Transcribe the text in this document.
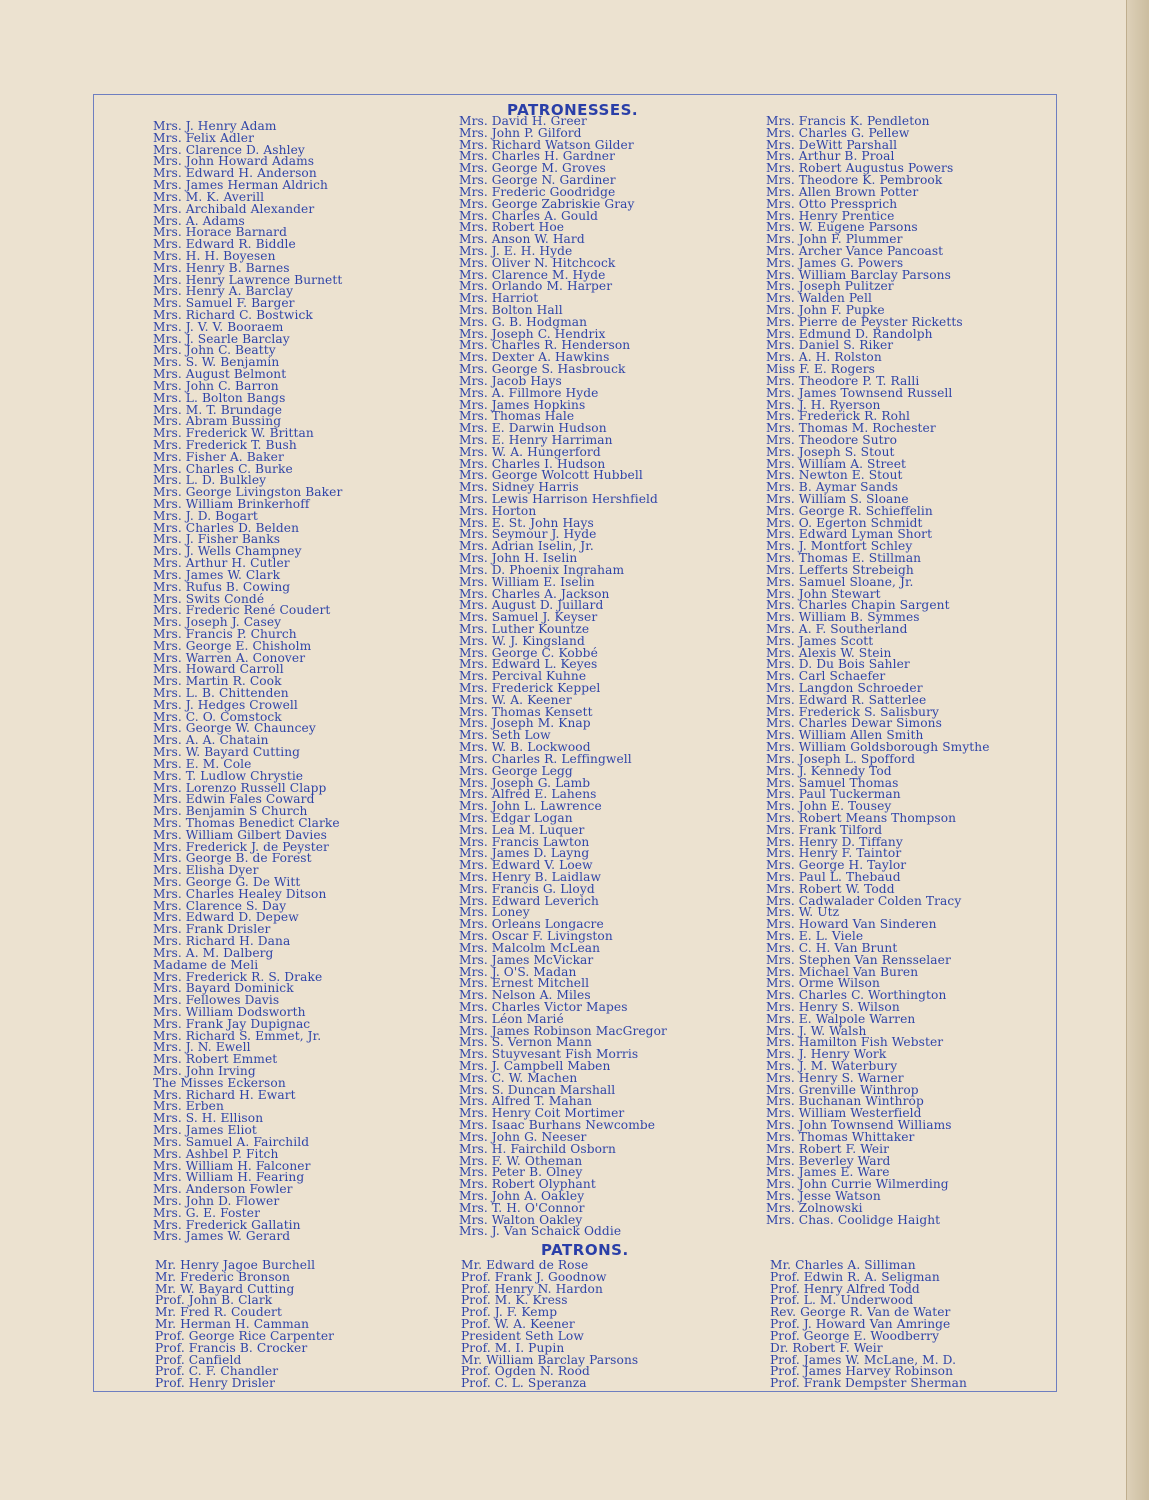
PATRONESSES.
Mrs. J. Henry Adam
Mrs. Felix Adler
Mrs. Clarence D. Ashley
Mrs. John Howard Adams
Mrs. Edward H. Anderson
Mrs. James Herman Aldrich
Mrs. M. K. Averill
Mrs. Archibald Alexander
Mrs. A. Adams
Mrs. Horace Barnard
Mrs. Edward R. Biddle
Mrs. H. H. Boyesen
Mrs. Henry B. Barnes
Mrs. Henry Lawrence Burnett
Mrs. Henry A. Barclay
Mrs. Samuel F. Barger
Mrs. Richard C. Bostwick
Mrs. J. V. V. Booraem
Mrs. J. Searle Barclay
Mrs. John C. Beatty
Mrs. S. W. Benjamin
Mrs. August Belmont
Mrs. John C. Barron
Mrs. L. Bolton Bangs
Mrs. M. T. Brundage
Mrs. Abram Bussing
Mrs. Frederick W. Brittan
Mrs. Frederick T. Bush
Mrs. Fisher A. Baker
Mrs. Charles C. Burke
Mrs. L. D. Bulkley
Mrs. George Livingston Baker
Mrs. William Brinkerhoff
Mrs. J. D. Bogart
Mrs. Charles D. Belden
Mrs. J. Fisher Banks
Mrs. J. Wells Champney
Mrs. Arthur H. Cutler
Mrs. James W. Clark
Mrs. Rufus B. Cowing
Mrs. Swits Condé
Mrs. Frederic René Coudert
Mrs. Joseph J. Casey
Mrs. Francis P. Church
Mrs. George E. Chisholm
Mrs. Warren A. Conover
Mrs. Howard Carroll
Mrs. Martin R. Cook
Mrs. L. B. Chittenden
Mrs. J. Hedges Crowell
Mrs. C. O. Comstock
Mrs. George W. Chauncey
Mrs. A. A. Chatain
Mrs. W. Bayard Cutting
Mrs. E. M. Cole
Mrs. T. Ludlow Chrystie
Mrs. Lorenzo Russell Clapp
Mrs. Edwin Fales Coward
Mrs. Benjamin S Church
Mrs. Thomas Benedict Clarke
Mrs. William Gilbert Davies
Mrs. Frederick J. de Peyster
Mrs. George B. de Forest
Mrs. Elisha Dyer
Mrs. George G. De Witt
Mrs. Charles Healey Ditson
Mrs. Clarence S. Day
Mrs. Edward D. Depew
Mrs. Frank Drisler
Mrs. Richard H. Dana
Mrs. A. M. Dalberg
Madame de Meli
Mrs. Frederick R. S. Drake
Mrs. Bayard Dominick
Mrs. Fellowes Davis
Mrs. William Dodsworth
Mrs. Frank Jay Dupignac
Mrs. Richard S. Emmet, Jr.
Mrs. J. N. Ewell
Mrs. Robert Emmet
Mrs. John Irving
The Misses Eckerson
Mrs. Richard H. Ewart
Mrs. Erben
Mrs. S. H. Ellison
Mrs. James Eliot
Mrs. Samuel A. Fairchild
Mrs. Ashbel P. Fitch
Mrs. William H. Falconer
Mrs. William H. Fearing
Mrs. Anderson Fowler
Mrs. John D. Flower
Mrs. G. E. Foster
Mrs. Frederick Gallatin
Mrs. James W. Gerard
Mrs. David H. Greer
Mrs. John P. Gilford
Mrs. Richard Watson Gilder
Mrs. Charles H. Gardner
Mrs. George M. Groves
Mrs. George N. Gardiner
Mrs. Frederic Goodridge
Mrs. George Zabriskie Gray
Mrs. Charles A. Gould
Mrs. Robert Hoe
Mrs. Anson W. Hard
Mrs. J. E. H. Hyde
Mrs. Oliver N. Hitchcock
Mrs. Clarence M. Hyde
Mrs. Orlando M. Harper
Mrs. Harriot
Mrs. Bolton Hall
Mrs. G. B. Hodgman
Mrs. Joseph C. Hendrix
Mrs. Charles R. Henderson
Mrs. Dexter A. Hawkins
Mrs. George S. Hasbrouck
Mrs. Jacob Hays
Mrs. A. Fillmore Hyde
Mrs. James Hopkins
Mrs. Thomas Hale
Mrs. E. Darwin Hudson
Mrs. E. Henry Harriman
Mrs. W. A. Hungerford
Mrs. Charles I. Hudson
Mrs. George Wolcott Hubbell
Mrs. Sidney Harris
Mrs. Lewis Harrison Hershfield
Mrs. Horton
Mrs. E. St. John Hays
Mrs. Seymour J. Hyde
Mrs. Adrian Iselin, Jr.
Mrs. John H. Iselin
Mrs. D. Phoenix Ingraham
Mrs. William E. Iselin
Mrs. Charles A. Jackson
Mrs. August D. Juillard
Mrs. Samuel J. Keyser
Mrs. Luther Kountze
Mrs. W. J. Kingsland
Mrs. George C. Kobbé
Mrs. Edward L. Keyes
Mrs. Percival Kuhne
Mrs. Frederick Keppel
Mrs. W. A. Keener
Mrs. Thomas Kensett
Mrs. Joseph M. Knap
Mrs. Seth Low
Mrs. W. B. Lockwood
Mrs. Charles R. Leffingwell
Mrs. George Legg
Mrs. Joseph G. Lamb
Mrs. Alfred E. Lahens
Mrs. John L. Lawrence
Mrs. Edgar Logan
Mrs. Lea M. Luquer
Mrs. Francis Lawton
Mrs. James D. Layng
Mrs. Edward V. Loew
Mrs. Henry B. Laidlaw
Mrs. Francis G. Lloyd
Mrs. Edward Leverich
Mrs. Loney
Mrs. Orleans Longacre
Mrs. Oscar F. Livingston
Mrs. Malcolm McLean
Mrs. James McVickar
Mrs. J. O'S. Madan
Mrs. Ernest Mitchell
Mrs. Nelson A. Miles
Mrs. Charles Victor Mapes
Mrs. Léon Marié
Mrs. James Robinson MacGregor
Mrs. S. Vernon Mann
Mrs. Stuyvesant Fish Morris
Mrs. J. Campbell Maben
Mrs. C. W. Machen
Mrs. S. Duncan Marshall
Mrs. Alfred T. Mahan
Mrs. Henry Coit Mortimer
Mrs. Isaac Burhans Newcombe
Mrs. John G. Neeser
Mrs. H. Fairchild Osborn
Mrs. F. W. Otheman
Mrs. Peter B. Olney
Mrs. Robert Olyphant
Mrs. John A. Oakley
Mrs. T. H. O'Connor
Mrs. Walton Oakley
Mrs. J. Van Schaick Oddie
Mrs. Francis K. Pendleton
Mrs. Charles G. Pellew
Mrs. DeWitt Parshall
Mrs. Arthur B. Proal
Mrs. Robert Augustus Powers
Mrs. Theodore K. Pembrook
Mrs. Allen Brown Potter
Mrs. Otto Pressprich
Mrs. Henry Prentice
Mrs. W. Eugene Parsons
Mrs. John F. Plummer
Mrs. Archer Vance Pancoast
Mrs. James G. Powers
Mrs. William Barclay Parsons
Mrs. Joseph Pulitzer
Mrs. Walden Pell
Mrs. John F. Pupke
Mrs. Pierre de Peyster Ricketts
Mrs. Edmund D. Randolph
Mrs. Daniel S. Riker
Mrs. A. H. Rolston
Miss F. E. Rogers
Mrs. Theodore P. T. Ralli
Mrs. James Townsend Russell
Mrs. J. H. Ryerson
Mrs. Frederick R. Rohl
Mrs. Thomas M. Rochester
Mrs. Theodore Sutro
Mrs. Joseph S. Stout
Mrs. William A. Street
Mrs. Newton E. Stout
Mrs. B. Aymar Sands
Mrs. William S. Sloane
Mrs. George R. Schieffelin
Mrs. O. Egerton Schmidt
Mrs. Edward Lyman Short
Mrs. J. Montfort Schley
Mrs. Thomas E. Stillman
Mrs. Lefferts Strebeigh
Mrs. Samuel Sloane, Jr.
Mrs. John Stewart
Mrs. Charles Chapin Sargent
Mrs. William B. Symmes
Mrs. A. F. Southerland
Mrs. James Scott
Mrs. Alexis W. Stein
Mrs. D. Du Bois Sahler
Mrs. Carl Schaefer
Mrs. Langdon Schroeder
Mrs. Edward R. Satterlee
Mrs. Frederick S. Salisbury
Mrs. Charles Dewar Simons
Mrs. William Allen Smith
Mrs. William Goldsborough Smythe
Mrs. Joseph L. Spofford
Mrs. J. Kennedy Tod
Mrs. Samuel Thomas
Mrs. Paul Tuckerman
Mrs. John E. Tousey
Mrs. Robert Means Thompson
Mrs. Frank Tilford
Mrs. Henry D. Tiffany
Mrs. Henry F. Taintor
Mrs. George H. Taylor
Mrs. Paul L. Thebaud
Mrs. Robert W. Todd
Mrs. Cadwalader Colden Tracy
Mrs. W. Utz
Mrs. Howard Van Sinderen
Mrs. E. L. Viele
Mrs. C. H. Van Brunt
Mrs. Stephen Van Rensselaer
Mrs. Michael Van Buren
Mrs. Orme Wilson
Mrs. Charles C. Worthington
Mrs. Henry S. Wilson
Mrs. E. Walpole Warren
Mrs. J. W. Walsh
Mrs. Hamilton Fish Webster
Mrs. J. Henry Work
Mrs. J. M. Waterbury
Mrs. Henry S. Warner
Mrs. Grenville Winthrop
Mrs. Buchanan Winthrop
Mrs. William Westerfield
Mrs. John Townsend Williams
Mrs. Thomas Whittaker
Mrs. Robert F. Weir
Mrs. Beverley Ward
Mrs. James E. Ware
Mrs. John Currie Wilmerding
Mrs. Jesse Watson
Mrs. Zolnowski
Mrs. Chas. Coolidge Haight
PATRONS.
Mr. Henry Jagoe Burchell
Mr. Frederic Bronson
Mr. W. Bayard Cutting
Prof. John B. Clark
Mr. Fred R. Coudert
Mr. Herman H. Camman
Prof. George Rice Carpenter
Prof. Francis B. Crocker
Prof. Canfield
Prof. C. F. Chandler
Prof. Henry Drisler
Mr. Edward de Rose
Prof. Frank J. Goodnow
Prof. Henry N. Hardon
Prof. M. K. Kress
Prof. J. F. Kemp
Prof. W. A. Keener
President Seth Low
Prof. M. I. Pupin
Mr. William Barclay Parsons
Prof. Ogden N. Rood
Prof. C. L. Speranza
Mr. Charles A. Silliman
Prof. Edwin R. A. Seligman
Prof. Henry Alfred Todd
Prof. L. M. Underwood
Rev. George R. Van de Water
Prof. J. Howard Van Amringe
Prof. George E. Woodberry
Dr. Robert F. Weir
Prof. James W. McLane, M. D.
Prof. James Harvey Robinson
Prof. Frank Dempster Sherman
